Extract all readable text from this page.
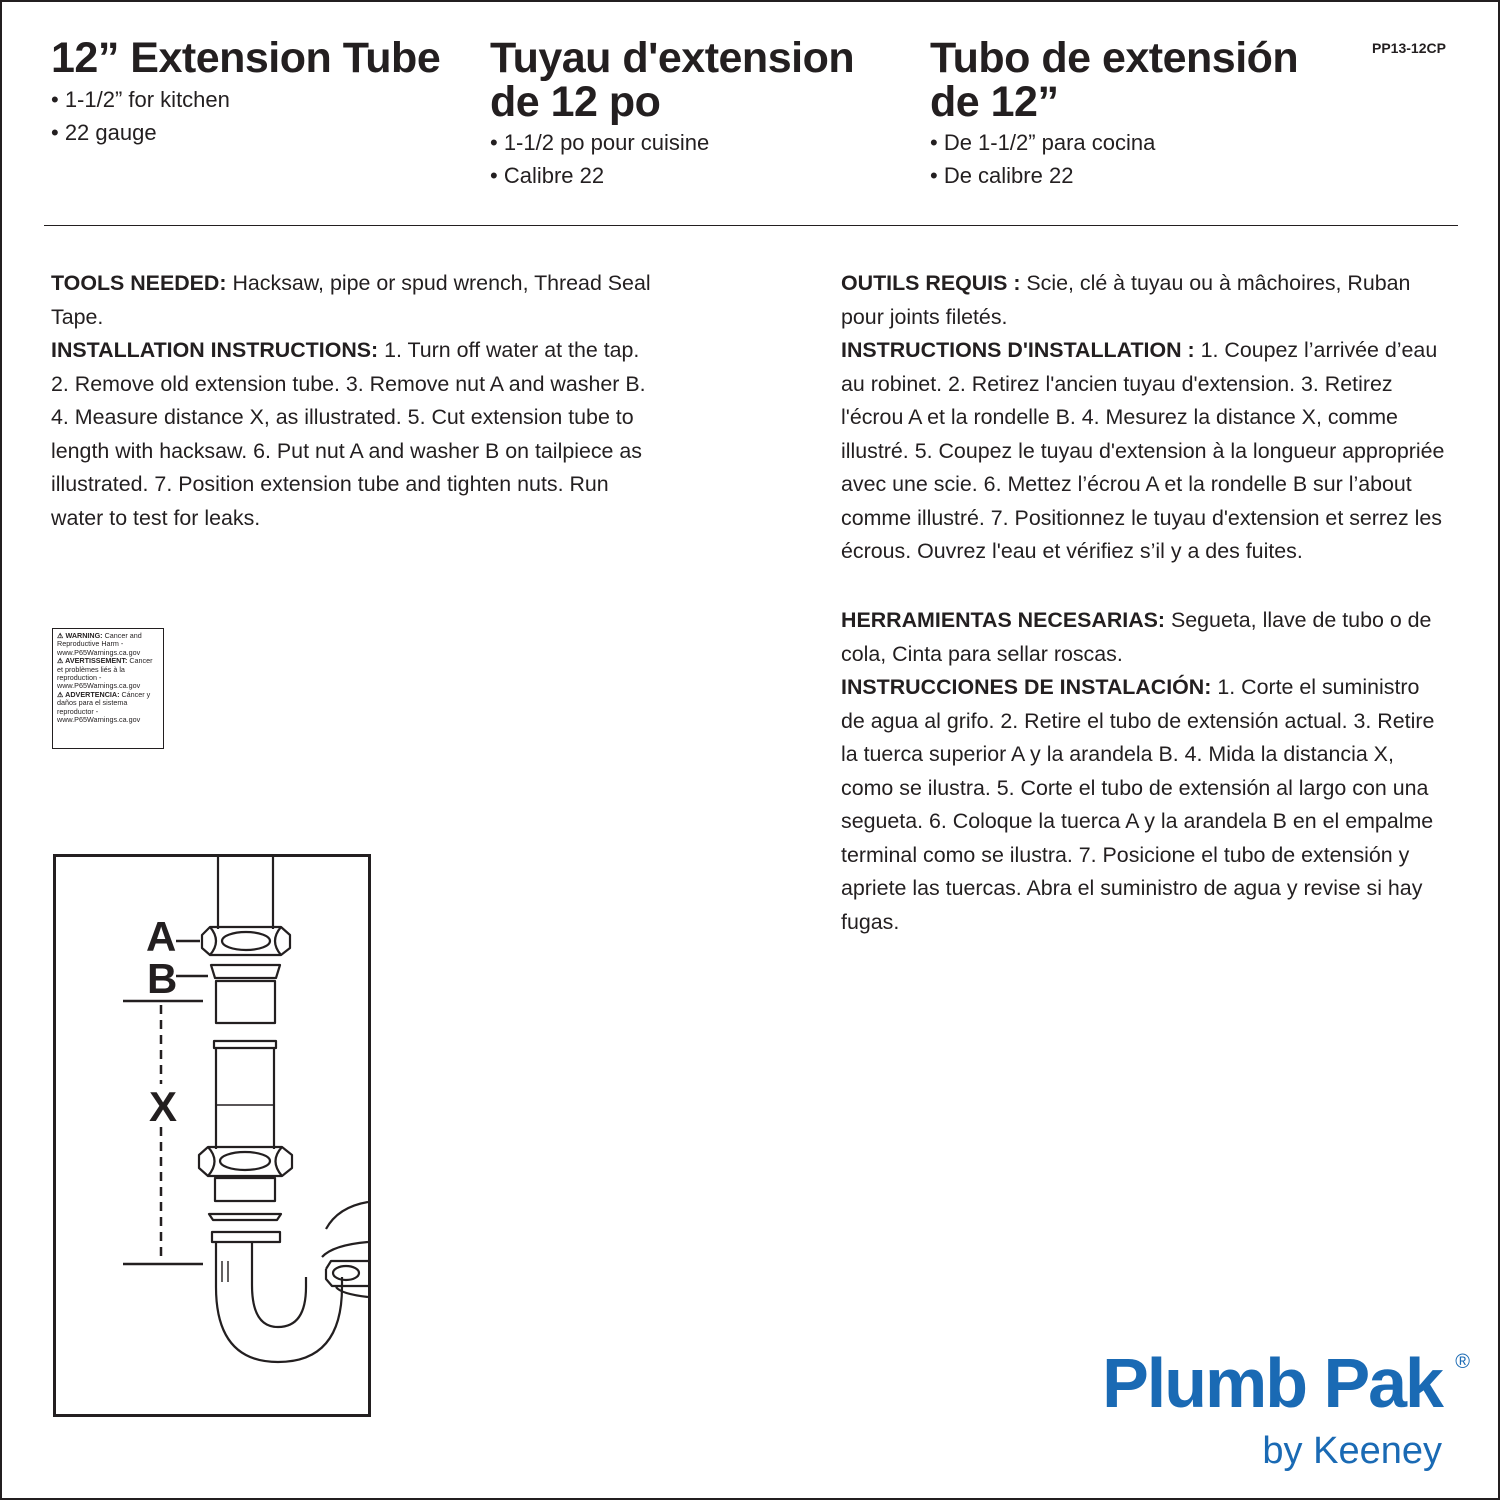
12” Extension Tube
• 1-1/2” for kitchen
• 22 gauge
Tuyau d'extension
de 12 po
• 1-1/2 po pour cuisine
• Calibre 22
Tubo de extensión
de 12”
• De 1-1/2” para cocina
• De calibre 22
PP13-12CP
TOOLS NEEDED: Hacksaw, pipe or spud wrench, Thread Seal Tape.
INSTALLATION INSTRUCTIONS: 1. Turn off water at the tap. 2. Remove old extension tube. 3. Remove nut A and washer B. 4. Measure distance X, as illustrated. 5. Cut extension tube to length with hacksaw. 6. Put nut A and washer B on tailpiece as illustrated. 7. Position extension tube and tighten nuts. Run water to test for leaks.
OUTILS REQUIS : Scie, clé à tuyau ou à mâchoires, Ruban pour joints filetés.
INSTRUCTIONS D'INSTALLATION : 1. Coupez l’arrivée d’eau au robinet. 2. Retirez l'ancien tuyau d'extension. 3. Retirez l'écrou A et la rondelle B. 4. Mesurez la distance X, comme illustré. 5. Coupez le tuyau d'extension à la longueur appropriée avec une scie. 6. Mettez l’écrou A et la rondelle B sur l’about comme illustré. 7. Positionnez le tuyau d'extension et serrez les écrous. Ouvrez l'eau et vérifiez s’il y a des fuites.
HERRAMIENTAS NECESARIAS: Segueta, llave de tubo o de cola, Cinta para sellar roscas.
INSTRUCCIONES DE INSTALACIÓN: 1. Corte el suministro de agua al grifo. 2. Retire el tubo de extensión actual. 3. Retire la tuerca superior A y la arandela B. 4. Mida la distancia X, como se ilustra. 5. Corte el tubo de extensión al largo con una segueta. 6. Coloque la tuerca A y la arandela B en el empalme terminal como se ilustra. 7. Posicione el tubo de extensión y apriete las tuercas. Abra el suministro de agua y revise si hay fugas.
⚠ WARNING: Cancer and Reproductive Harm - www.P65Warnings.ca.gov
⚠ AVERTISSEMENT: Cancer et problèmes liés à la reproduction - www.P65Warnings.ca.gov
⚠ ADVERTENCIA: Cáncer y daños para el sistema reproductor - www.P65Warnings.ca.gov
A
B
X
Plumb Pak ®
by Keeney
